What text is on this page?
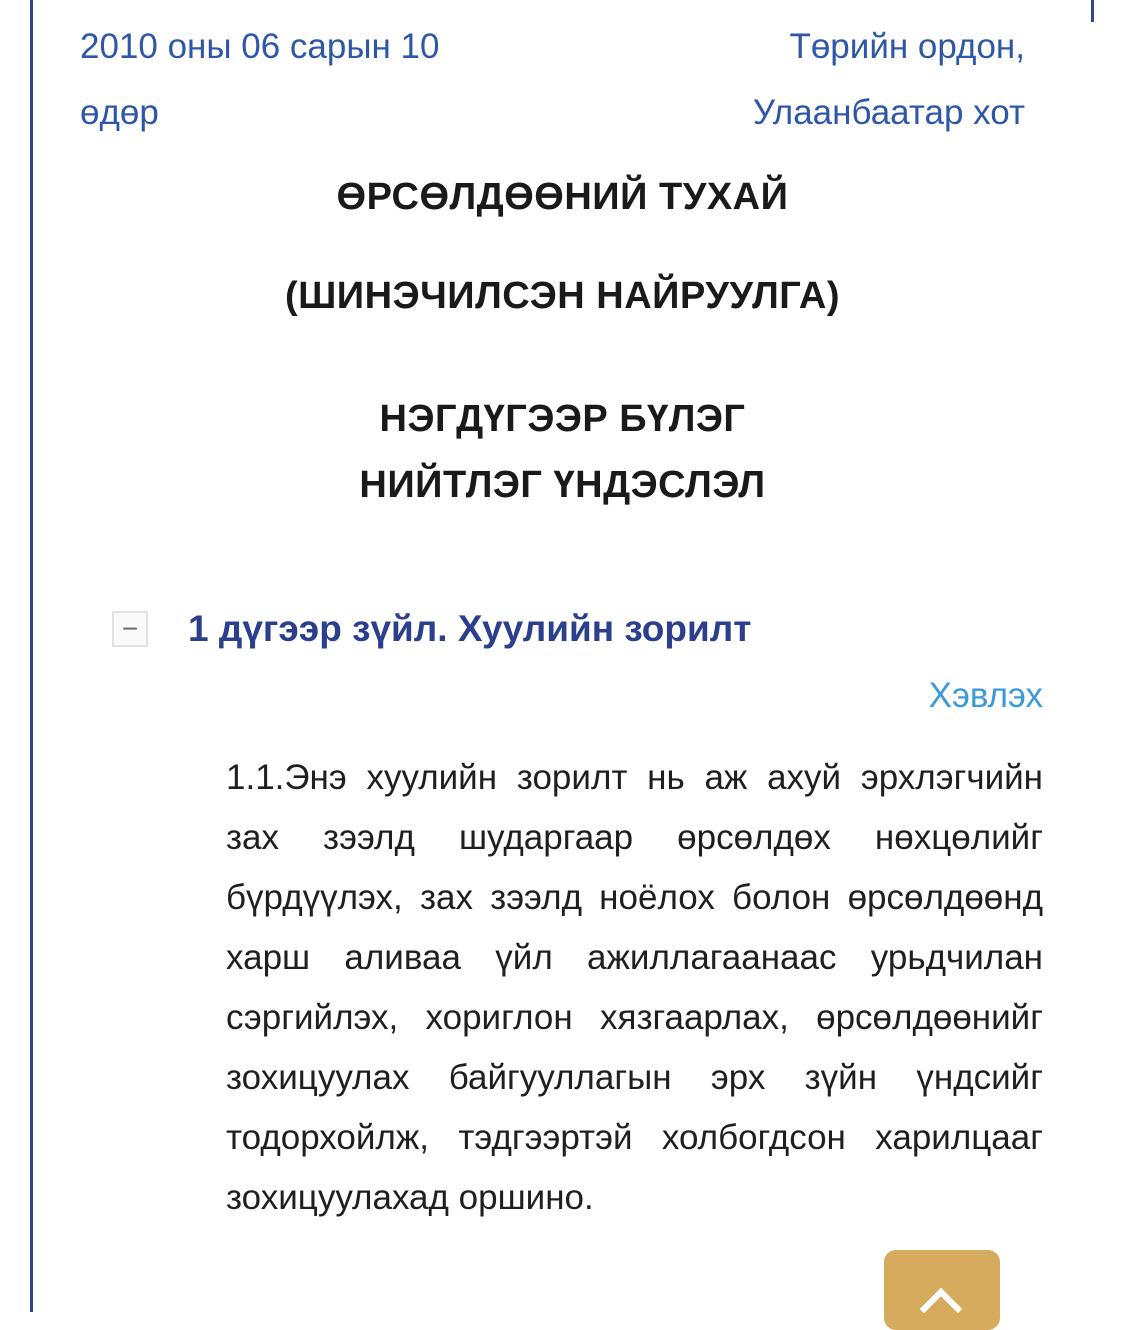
2010 оны 06 сарын 10
өдөр
Төрийн ордон,
Улаанбаатар хот
ӨРСӨЛДӨӨНИЙ ТУХАЙ
(ШИНЭЧИЛСЭН НАЙРУУЛГА)
НЭГДҮГЭЭР БҮЛЭГ
НИЙТЛЭГ ҮНДЭСЛЭЛ
− 1 дүгээр зүйл. Хуулийн зорилт
Хэвлэх
1.1.Энэ хуулийн зорилт нь аж ахуй эрхлэгчийн зах зээлд шударгаар өрсөлдөх нөхцөлийг бүрдүүлэх, зах зээлд ноёлох болон өрсөлдөөнд харш аливаа үйл ажиллагаанаас урьдчилан сэргийлэх, хориглон хязгаарлах, өрсөлдөөнийг зохицуулах байгууллагын эрх зүйн үндсийг тодорхойлж, тэдгээртэй холбогдсон харилцааг зохицуулахад оршино.
